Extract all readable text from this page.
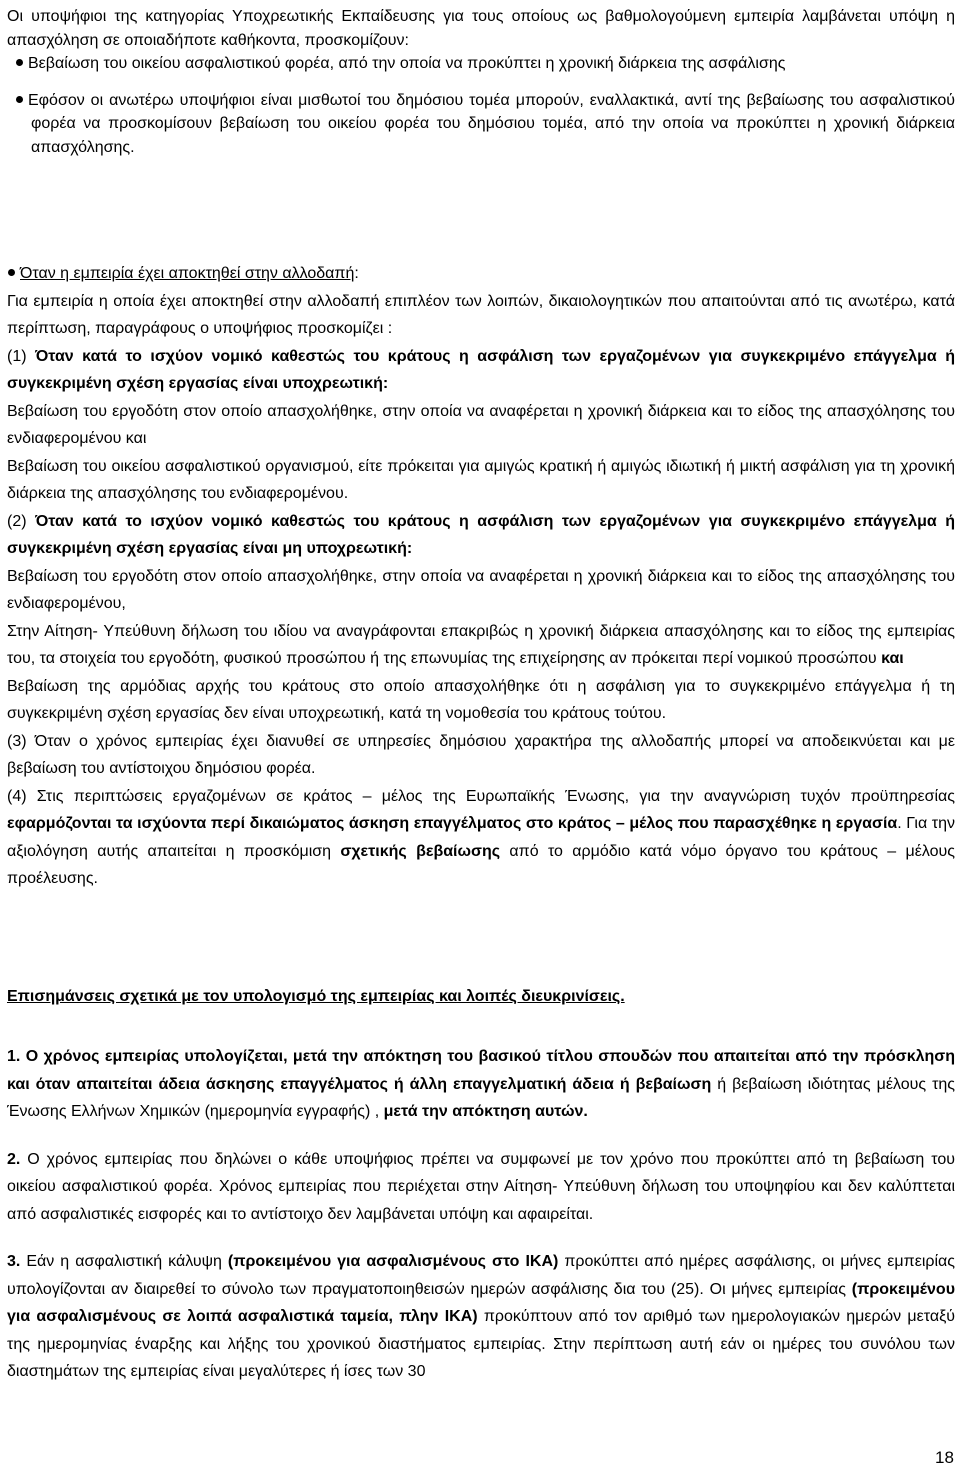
Οι υποψήφιοι της κατηγορίας Υποχρεωτικής Εκπαίδευσης για τους οποίους ως βαθμολογούμενη εμπειρία λαμβάνεται υπόψη η απασχόληση σε οποιαδήποτε καθήκοντα, προσκομίζουν:

Βεβαίωση του οικείου ασφαλιστικού φορέα, από την οποία να προκύπτει η χρονική διάρκεια της ασφάλισης

Εφόσον οι ανωτέρω υποψήφιοι είναι μισθωτοί του δημόσιου τομέα μπορούν, εναλλακτικά, αντί της βεβαίωσης του ασφαλιστικού φορέα να προσκομίσουν βεβαίωση του οικείου φορέα του δημόσιου τομέα, από την οποία να προκύπτει η χρονική διάρκεια απασχόλησης.

Όταν η εμπειρία έχει αποκτηθεί στην αλλοδαπή:

Για εμπειρία η οποία έχει αποκτηθεί στην αλλοδαπή επιπλέον των λοιπών, δικαιολογητικών που απαιτούνται από τις ανωτέρω, κατά περίπτωση, παραγράφους ο υποψήφιος προσκομίζει :

(1) Όταν κατά το ισχύον νομικό καθεστώς του κράτους η ασφάλιση των εργαζομένων για συγκεκριμένο επάγγελμα ή συγκεκριμένη σχέση εργασίας είναι υποχρεωτική:

Βεβαίωση του εργοδότη στον οποίο απασχολήθηκε, στην οποία να αναφέρεται η χρονική διάρκεια και το είδος της απασχόλησης του ενδιαφερομένου και

Βεβαίωση του οικείου ασφαλιστικού οργανισμού, είτε πρόκειται για αμιγώς κρατική ή αμιγώς ιδιωτική ή μικτή ασφάλιση για τη χρονική διάρκεια της απασχόλησης του ενδιαφερομένου.

(2) Όταν κατά το ισχύον νομικό καθεστώς του κράτους η ασφάλιση των εργαζομένων για συγκεκριμένο επάγγελμα ή συγκεκριμένη σχέση εργασίας είναι μη υποχρεωτική:

Βεβαίωση του εργοδότη στον οποίο απασχολήθηκε, στην οποία να αναφέρεται η χρονική διάρκεια και το είδος της απασχόλησης του ενδιαφερομένου,

Στην Αίτηση- Υπεύθυνη δήλωση του ιδίου να αναγράφονται επακριβώς η χρονική διάρκεια απασχόλησης και το είδος της εμπειρίας του, τα στοιχεία του εργοδότη, φυσικού προσώπου ή της επωνυμίας της επιχείρησης αν πρόκειται περί νομικού προσώπου και

Βεβαίωση της αρμόδιας αρχής του κράτους στο οποίο απασχολήθηκε ότι η ασφάλιση για το συγκεκριμένο επάγγελμα ή τη συγκεκριμένη σχέση εργασίας δεν είναι υποχρεωτική, κατά τη νομοθεσία του κράτους τούτου.

(3) Όταν ο χρόνος εμπειρίας έχει διανυθεί σε υπηρεσίες δημόσιου χαρακτήρα της αλλοδαπής μπορεί να αποδεικνύεται και με βεβαίωση του αντίστοιχου δημόσιου φορέα.

(4) Στις περιπτώσεις εργαζομένων σε κράτος – μέλος της Ευρωπαϊκής Ένωσης, για την αναγνώριση τυχόν προϋπηρεσίας εφαρμόζονται τα ισχύοντα περί δικαιώματος άσκηση επαγγέλματος στο κράτος – μέλος που παρασχέθηκε η εργασία. Για την αξιολόγηση αυτής απαιτείται η προσκόμιση σχετικής βεβαίωσης από το αρμόδιο κατά νόμο όργανο του κράτους – μέλους προέλευσης.

Επισημάνσεις σχετικά με τον υπολογισμό της εμπειρίας και λοιπές διευκρινίσεις.

1. Ο χρόνος εμπειρίας υπολογίζεται, μετά την απόκτηση του βασικού τίτλου σπουδών που απαιτείται από την πρόσκληση και όταν απαιτείται άδεια άσκησης επαγγέλματος ή άλλη επαγγελματική άδεια ή βεβαίωση ή βεβαίωση ιδιότητας μέλους της Ένωσης Ελλήνων Χημικών (ημερομηνία εγγραφής) , μετά την απόκτηση αυτών.

2. Ο χρόνος εμπειρίας που δηλώνει ο κάθε υποψήφιος πρέπει να συμφωνεί με τον χρόνο που προκύπτει από τη βεβαίωση του οικείου ασφαλιστικού φορέα. Χρόνος εμπειρίας που περιέχεται στην Αίτηση- Υπεύθυνη δήλωση του υποψηφίου και δεν καλύπτεται από ασφαλιστικές εισφορές και το αντίστοιχο δεν λαμβάνεται υπόψη και αφαιρείται.

3. Εάν η ασφαλιστική κάλυψη (προκειμένου για ασφαλισμένους στο ΙΚΑ) προκύπτει από ημέρες ασφάλισης, οι μήνες εμπειρίας υπολογίζονται αν διαιρεθεί το σύνολο των πραγματοποιηθεισών ημερών ασφάλισης δια του (25). Οι μήνες εμπειρίας (προκειμένου για ασφαλισμένους σε λοιπά ασφαλιστικά ταμεία, πλην ΙΚΑ) προκύπτουν από τον αριθμό των ημερολογιακών ημερών μεταξύ της ημερομηνίας έναρξης και λήξης του χρονικού διαστήματος εμπειρίας. Στην περίπτωση αυτή εάν οι ημέρες του συνόλου των διαστημάτων της εμπειρίας είναι μεγαλύτερες ή ίσες των 30

18
